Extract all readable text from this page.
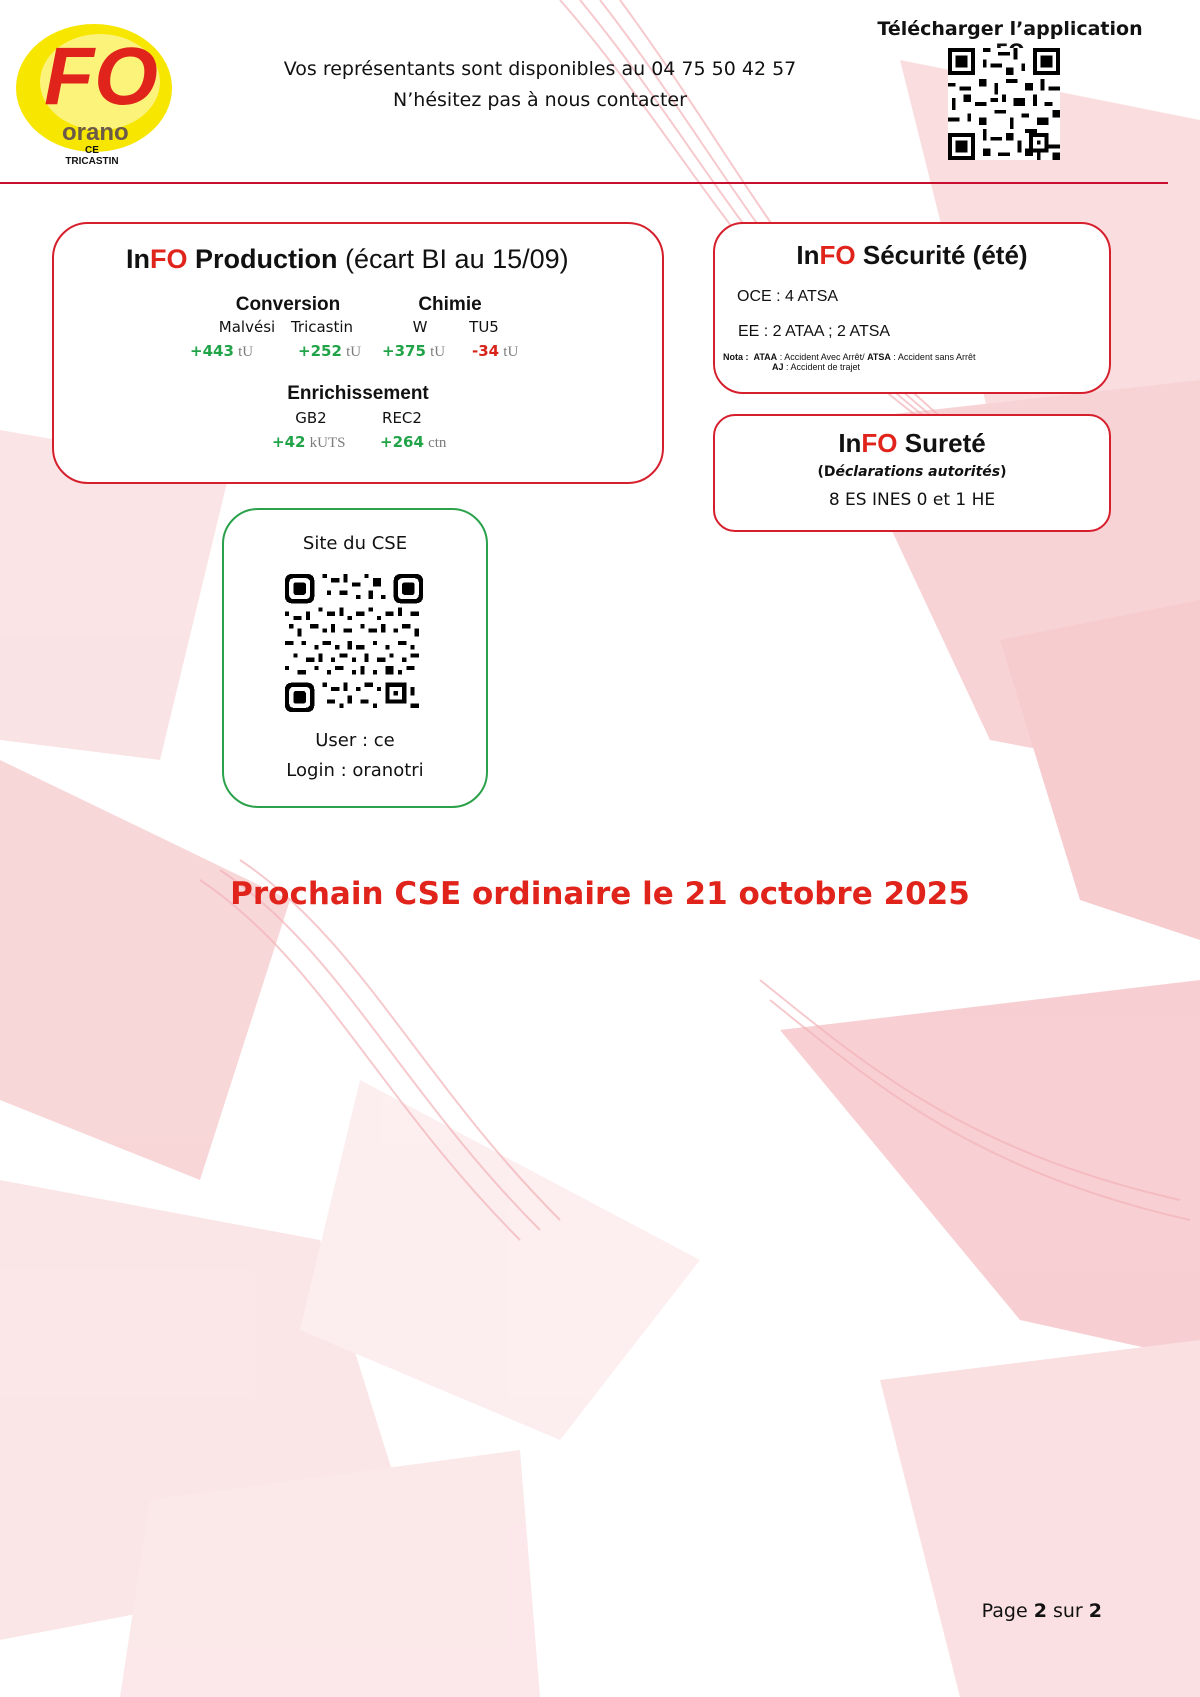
FO
orano
CE
TRICASTIN
Vos représentants sont disponibles au 04 75 50 42 57
N’hésitez pas à nous contacter
Télécharger l’application
InFO Production (écart BI au 15/09)
Conversion	Chimie
Malvési	Tricastin	W	TU5
+443 tU	+252 tU +375 tU -34 tU
Enrichissement
GB2	REC2
+42 kUTS +264 ctn
InFO Sécurité (été)
OCE : 4 ATSA
EE : 2 ATAA ; 2 ATSA
Nota : ATAA : Accident Avec Arrêt/ ATSA : Accident sans Arrêt
AJ : Accident de trajet
InFO Sureté
(Déclarations autorités)
8 ES INES 0 et 1 HE
Site du CSE
User : ce
Login : oranotri
Prochain CSE ordinaire le 21 octobre 2025
Page 2 sur 2
